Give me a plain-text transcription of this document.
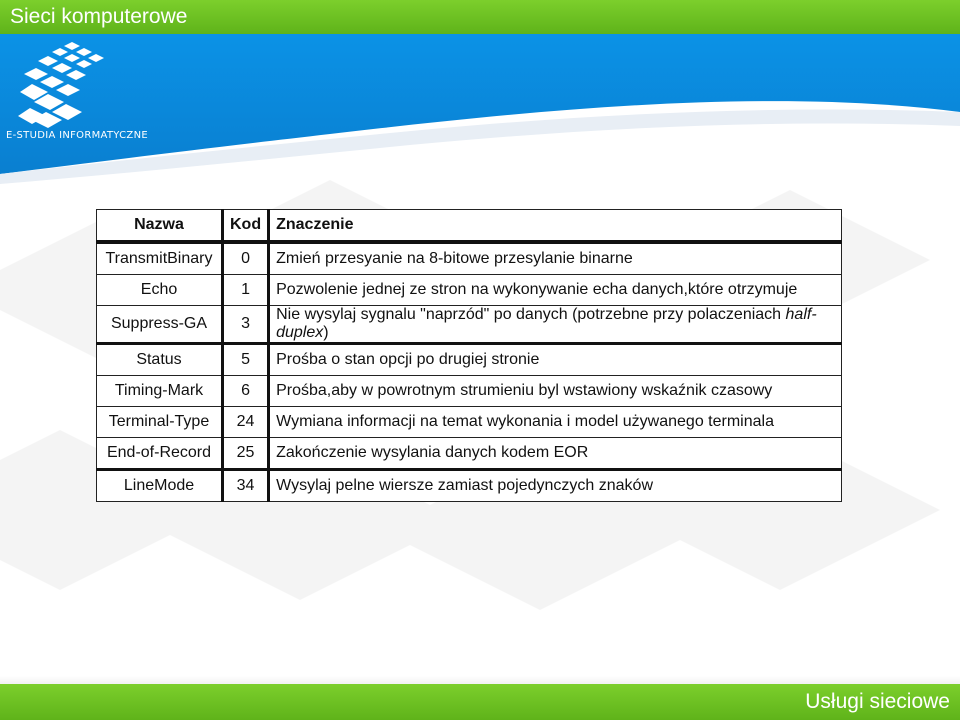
Sieci komputerowe
E-STUDIA INFORMATYCZNE
Nazwa	Kod	Znaczenie
TransmitBinary	0	Zmień przesyanie na 8-bitowe przesylanie binarne
Echo	1	Pozwolenie jednej ze stron na wykonywanie echa danych,które otrzymuje
Suppress-GA	3	Nie wysylaj sygnalu "naprzód" po danych (potrzebne przy polaczeniach half-duplex)
Status	5	Prośba o stan opcji po drugiej stronie
Timing-Mark	6	Prośba,aby w powrotnym strumieniu byl wstawiony wskaźnik czasowy
Terminal-Type	24	Wymiana informacji na temat wykonania i model używanego terminala
End-of-Record	25	Zakończenie wysylania danych kodem EOR
LineMode	34	Wysylaj pelne wiersze zamiast pojedynczych znaków
Usługi sieciowe
